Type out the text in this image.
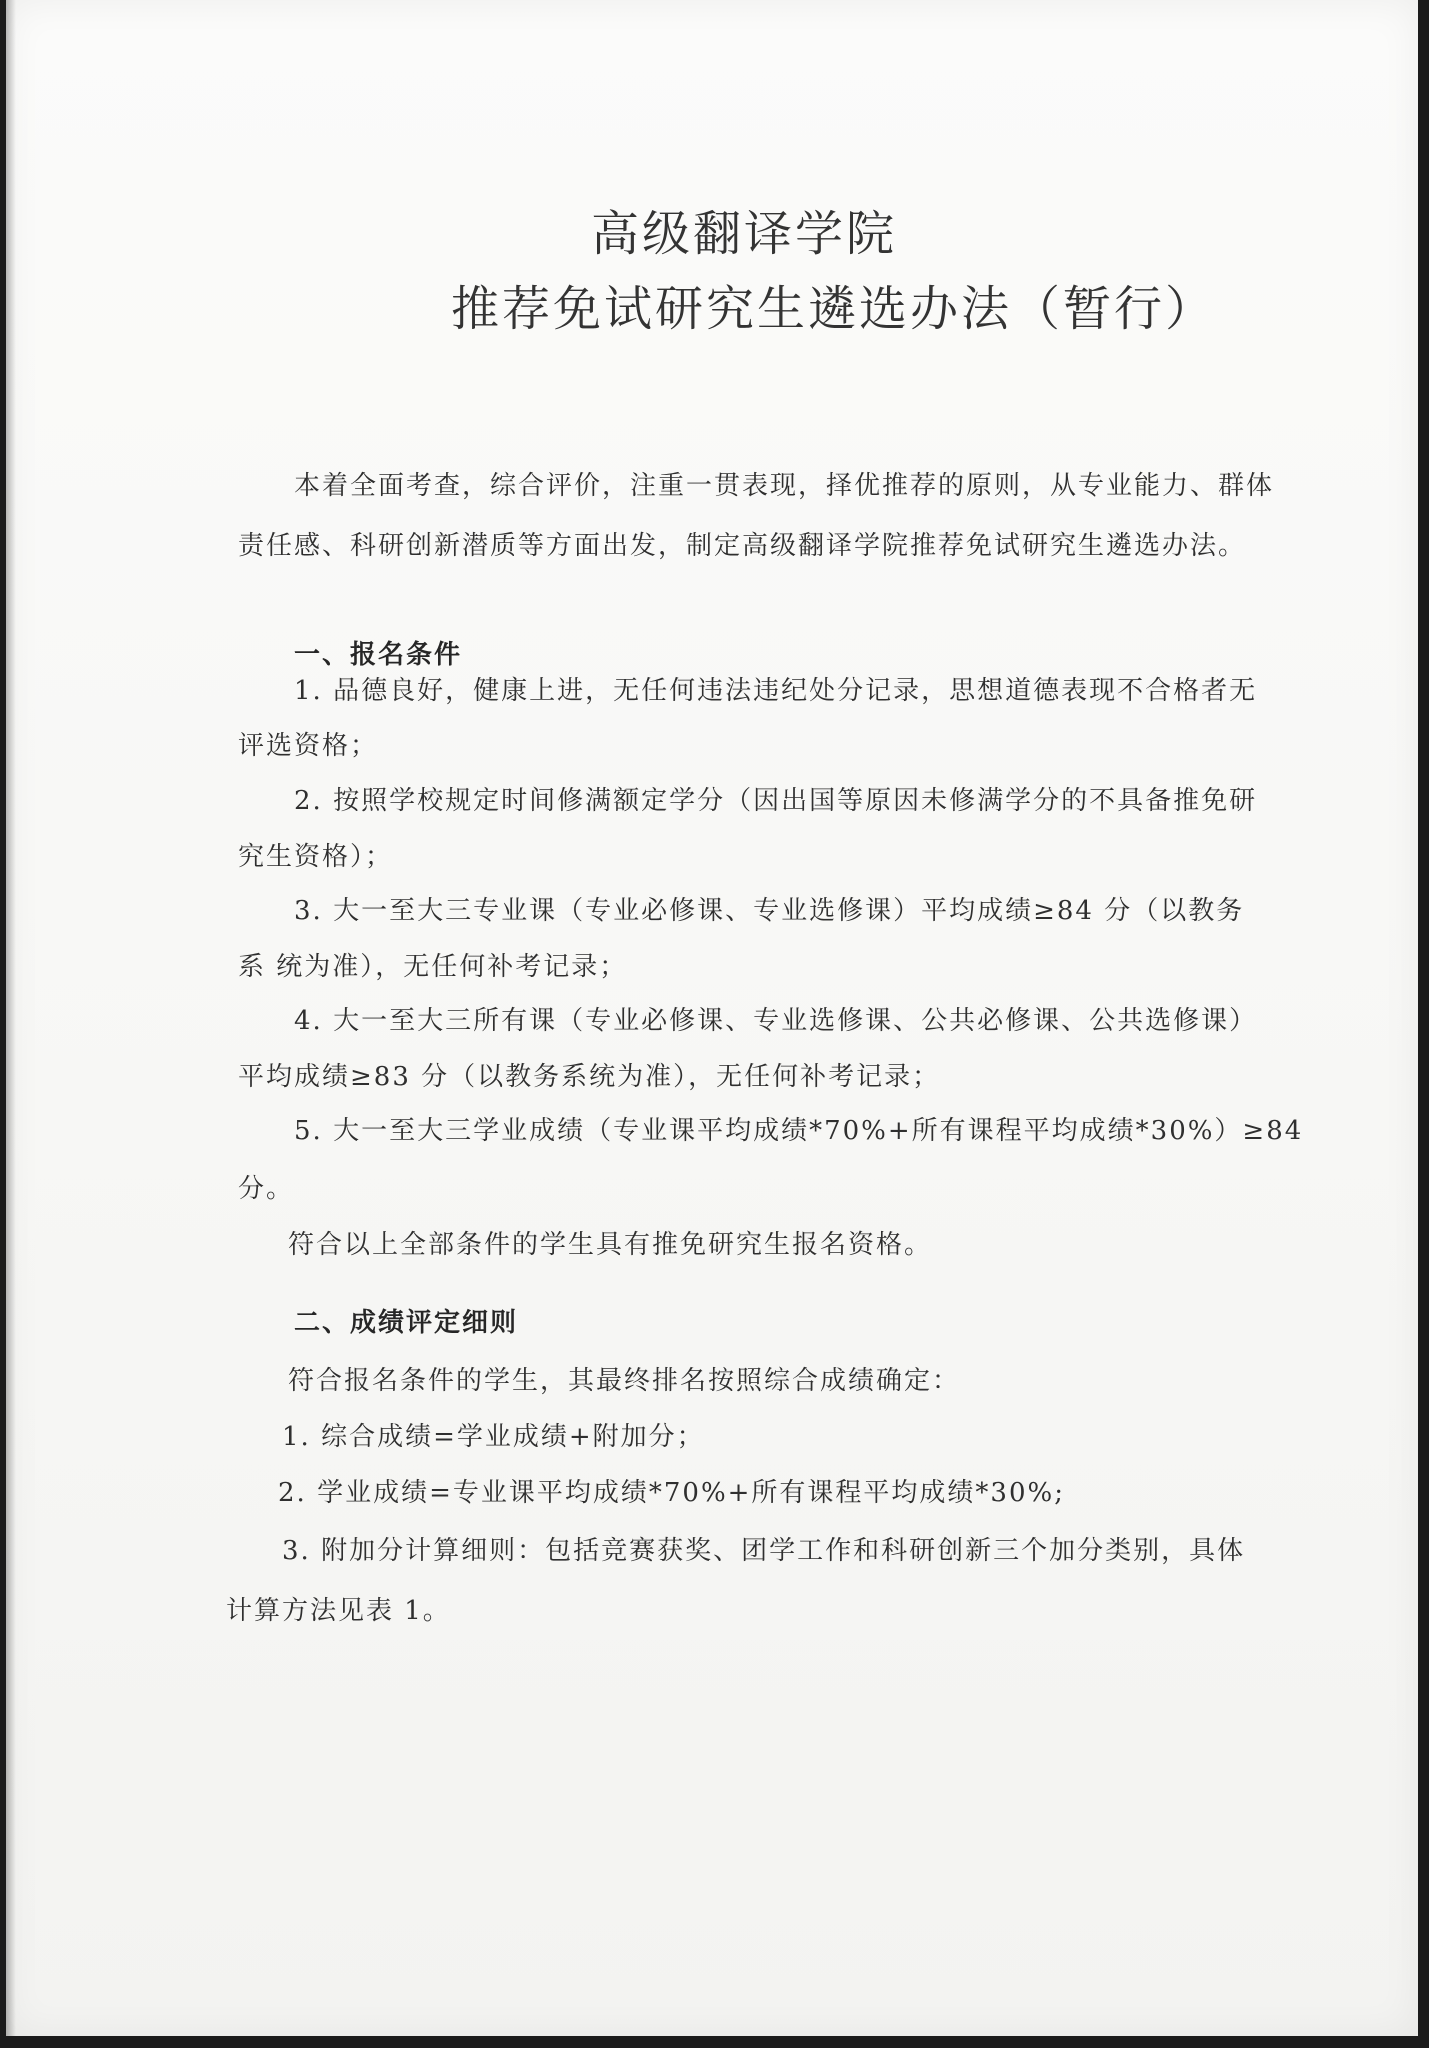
高级翻译学院
推荐免试研究生遴选办法（暂行）
本着全面考查，综合评价，注重一贯表现，择优推荐的原则，从专业能力、群体
责任感、科研创新潜质等方面出发，制定高级翻译学院推荐免试研究生遴选办法。
一、报名条件
1. 品德良好，健康上进，无任何违法违纪处分记录，思想道德表现不合格者无
评选资格；
2. 按照学校规定时间修满额定学分（因出国等原因未修满学分的不具备推免研
究生资格）；
3. 大一至大三专业课（专业必修课、专业选修课）平均成绩≥84 分（以教务
系 统为准），无任何补考记录；
4. 大一至大三所有课（专业必修课、专业选修课、公共必修课、公共选修课）
平均成绩≥83 分（以教务系统为准），无任何补考记录；
5. 大一至大三学业成绩（专业课平均成绩*70%+所有课程平均成绩*30%）≥84
分。
符合以上全部条件的学生具有推免研究生报名资格。
二、成绩评定细则
符合报名条件的学生，其最终排名按照综合成绩确定：
1. 综合成绩=学业成绩+附加分；
2. 学业成绩=专业课平均成绩*70%+所有课程平均成绩*30%;
3. 附加分计算细则：包括竞赛获奖、团学工作和科研创新三个加分类别，具体
计算方法见表 1。
